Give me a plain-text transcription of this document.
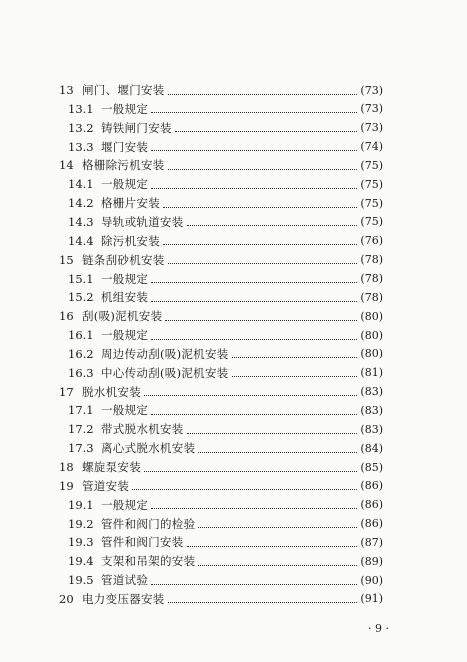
13 闸门、堰门安装	(73)
13.1 一般规定	(73)
13.2 铸铁闸门安装	(73)
13.3 堰门安装	(74)
14 格栅除污机安装	(75)
14.1 一般规定	(75)
14.2 格栅片安装	(75)
14.3 导轨或轨道安装	(75)
14.4 除污机安装	(76)
15 链条刮砂机安装	(78)
15.1 一般规定	(78)
15.2 机组安装	(78)
16 刮(吸)泥机安装	(80)
16.1 一般规定	(80)
16.2 周边传动刮(吸)泥机安装	(80)
16.3 中心传动刮(吸)泥机安装	(81)
17 脱水机安装	(83)
17.1 一般规定	(83)
17.2 带式脱水机安装	(83)
17.3 离心式脱水机安装	(84)
18 螺旋泵安装	(85)
19 管道安装	(86)
19.1 一般规定	(86)
19.2 管件和阀门的检验	(86)
19.3 管件和阀门安装	(87)
19.4 支架和吊架的安装	(89)
19.5 管道试验	(90)
20 电力变压器安装	(91)
· 9 ·
